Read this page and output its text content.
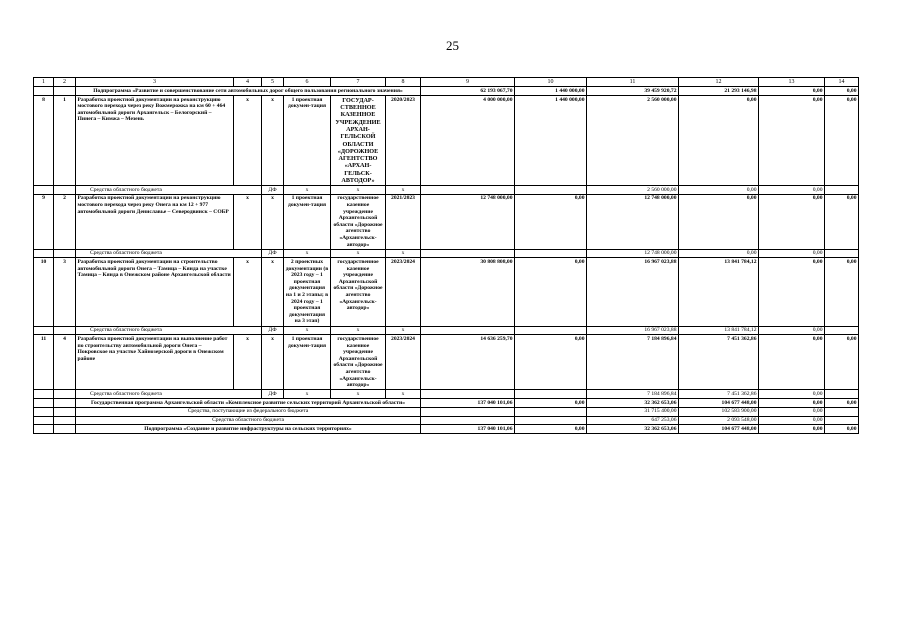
25
1	2	3	4	5	6	7	8	9	10	11	12	13	14
		Подпрограмма «Развитие и совершенствование сети автомобильных дорог общего пользования регионального значения»						62 193 067,70	1 440 000,00	39 459 920,72	21 293 146,98	0,00	0,00
8	1	Разработка проектной документации на реконструкцию мостового перехода через реку Вожмерожка на км 60 + 464 автомобильной дороги Архангельск – Белогорский – Пинега – Кимжа – Мезень	х	х	1 проектная докумен-тация	ГОСУДАР-СТВЕННОЕ КАЗЕННОЕ УЧРЕЖДЕНИЕ АРХАН-ГЕЛЬСКОЙ ОБЛАСТИ «ДОРОЖНОЕ АГЕНТСТВО «АРХАН-ГЕЛЬСК-АВТОДОР»	2020/2023	4 000 000,00	1 440 000,00	2 560 000,00	0,00	0,00	0,00
		Средства областного бюджета		ДФ	х	х	х			2 560 000,00	0,00	0,00	
9	2	Разработка проектной документации на реконструкцию мостового перехода через реку Онега на км 12 + 977 автомобильной дороги Дениславье – Северодвинск – СОБР	х	х	1 проектная докумен-тация	государственное казенное учреждение Архангельской области «Дорожное агентство «Архангельск-автодор»	2021/2023	12 748 000,00	0,00	12 748 000,00	0,00	0,00	0,00
		Средства областного бюджета		ДФ	х	х	х			12 748 000,00	0,00	0,00	
10	3	Разработка проектной документации на строительство автомобильной дороги Онега – Тамица – Кянда на участке Тамица – Кянда в Онежском районе Архангельской области	х	х	2 проектных документации (в 2023 году – 1 проектная документация на 1 и 2 этапы; в 2024 году – 1 проектная документация на 3 этап)	государственное казенное учреждение Архангельской области «Дорожное агентство «Архангельск-автодор»	2023/2024	30 808 808,00	0,00	16 967 023,88	13 841 784,12	0,00	0,00
		Средства областного бюджета		ДФ	х	х	х			16 967 023,88	13 841 784,12	0,00	
11	4	Разработка проектной документации на выполнение работ по строительству автомобильной дороги Онега – Покровское на участке Хайнозерской дороги в Онежском районе	х	х	1 проектная докумен-тация	государственное казенное учреждение Архангельской области «Дорожное агентство «Архангельск-автодор»	2023/2024	14 636 259,70	0,00	7 184 896,84	7 451 362,86	0,00	0,00
		Средства областного бюджета		ДФ	х	х	х			7 184 896,84	7 451 362,86	0,00	
		Государственная программа Архангельской области «Комплексное развитие сельских территорий Архангельской области»						137 040 101,06	0,00	32 362 653,06	104 677 448,00	0,00	0,00
		Средства, поступающие из федерального бюджета								31 715 400,00	102 583 900,00	0,00	
		Средства областного бюджета								647 253,06	2 093 548,00	0,00	
		Подпрограмма «Создание и развитие инфраструктуры на сельских территориях»						137 040 101,06	0,00	32 362 653,06	104 677 448,00	0,00	0,00
